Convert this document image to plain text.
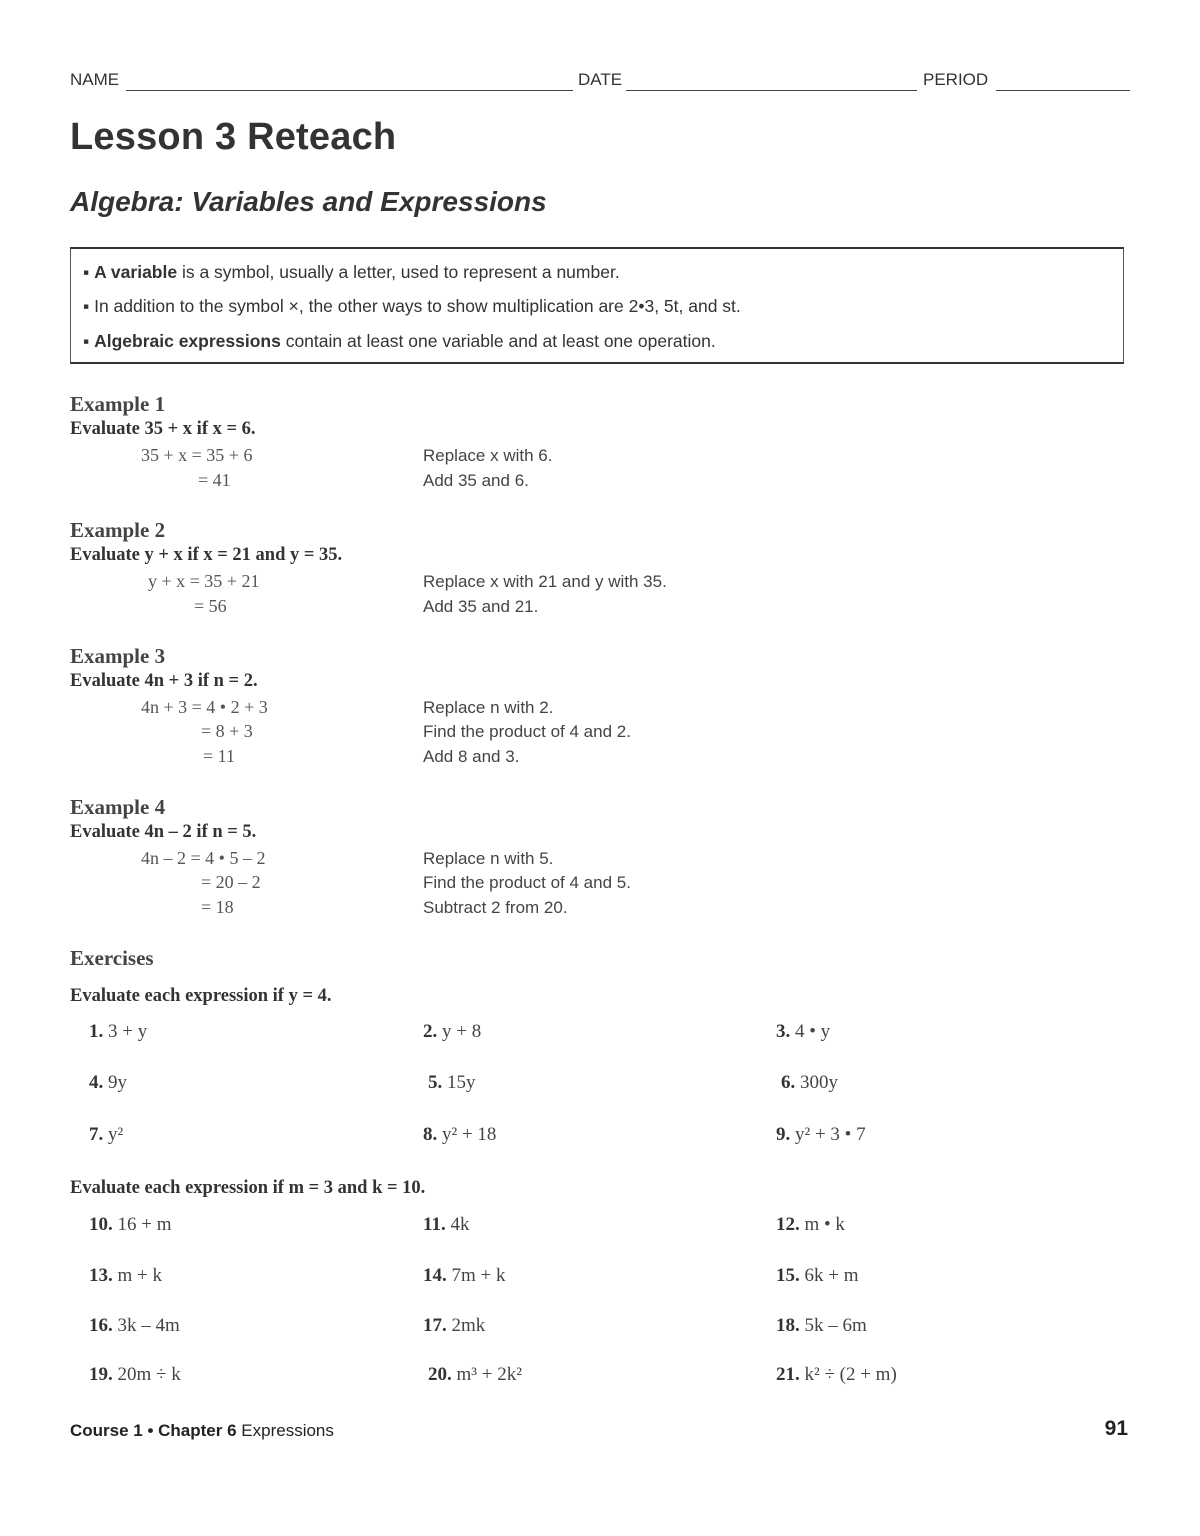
NAME	DATE	PERIOD
Lesson 3 Reteach
Algebra: Variables and Expressions
▪ A variable is a symbol, usually a letter, used to represent a number.
▪ In addition to the symbol ×, the other ways to show multiplication are 2•3, 5t, and st.
▪ Algebraic expressions contain at least one variable and at least one operation.
Example 1
Evaluate 35 + x if x = 6.
35 + x = 35 + 6	Replace x with 6.
= 41	Add 35 and 6.
Example 2
Evaluate y + x if x = 21 and y = 35.
y + x = 35 + 21	Replace x with 21 and y with 35.
= 56	Add 35 and 21.
Example 3
Evaluate 4n + 3 if n = 2.
4n + 3 = 4 • 2 + 3	Replace n with 2.
= 8 + 3	Find the product of 4 and 2.
= 11	Add 8 and 3.
Example 4
Evaluate 4n – 2 if n = 5.
4n – 2 = 4 • 5 – 2	Replace n with 5.
= 20 – 2	Find the product of 4 and 5.
= 18	Subtract 2 from 20.
Exercises
Evaluate each expression if y = 4.
1. 3 + y	2. y + 8	3. 4 • y
4. 9y	5. 15y	6. 300y
7. y²	8. y² + 18	9. y² + 3 • 7
Evaluate each expression if m = 3 and k = 10.
10. 16 + m	11. 4k	12. m • k
13. m + k	14. 7m + k	15. 6k + m
16. 3k – 4m	17. 2mk	18. 5k – 6m
19. 20m ÷ k	20. m³ + 2k²	21. k² ÷ (2 + m)
Course 1 • Chapter 6 Expressions	91
